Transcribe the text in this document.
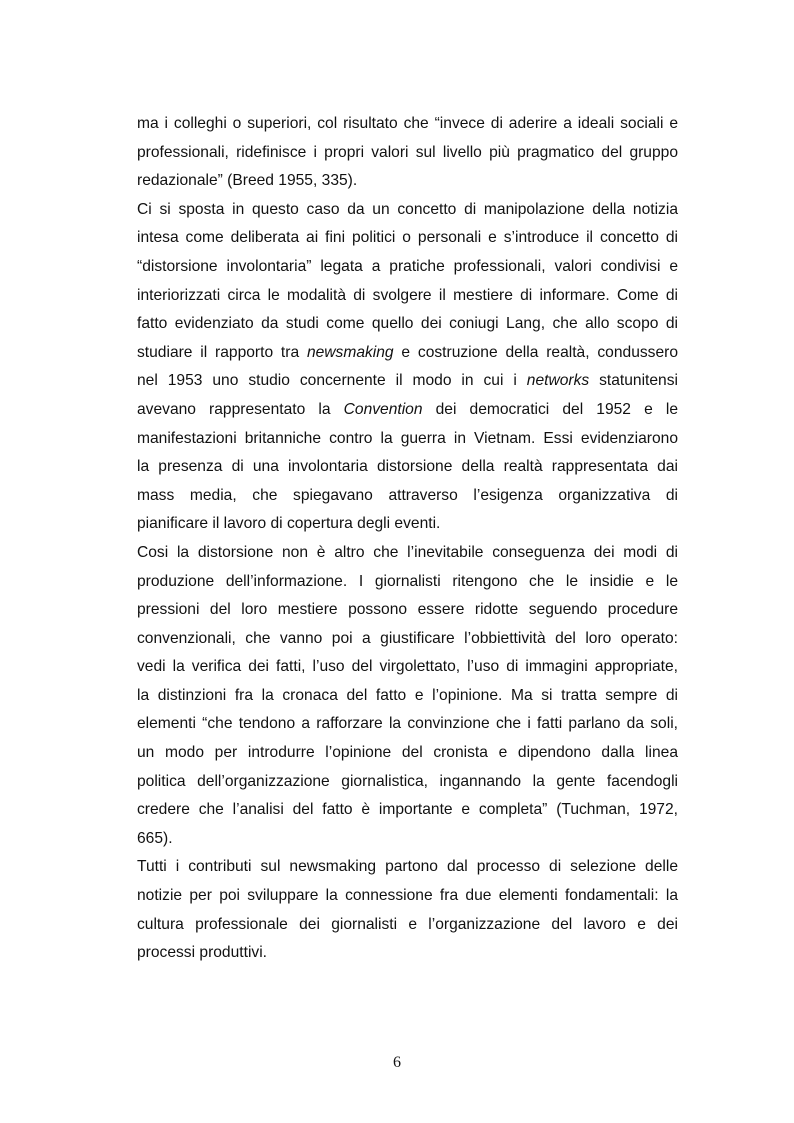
ma i colleghi o superiori, col risultato che “invece di aderire a ideali sociali e
professionali, ridefinisce i propri valori sul livello più pragmatico del gruppo
redazionale” (Breed 1955, 335).
Ci si sposta in questo caso da un concetto di manipolazione della notizia
intesa come deliberata ai fini politici o personali e s’introduce il concetto di
“distorsione involontaria” legata a pratiche professionali, valori condivisi e
interiorizzati circa le modalità di svolgere il mestiere di informare. Come di
fatto evidenziato da studi come quello dei coniugi Lang, che allo scopo di
studiare il rapporto tra newsmaking e costruzione della realtà, condussero
nel 1953 uno studio concernente il modo in cui i networks statunitensi
avevano rappresentato la Convention dei democratici del 1952 e le
manifestazioni britanniche contro la guerra in Vietnam. Essi evidenziarono
la presenza di una involontaria distorsione della realtà rappresentata dai
mass media, che spiegavano attraverso l’esigenza organizzativa di
pianificare il lavoro di copertura degli eventi.
Cosi la distorsione non è altro che l’inevitabile conseguenza dei modi di
produzione dell’informazione. I giornalisti ritengono che le insidie e le
pressioni del loro mestiere possono essere ridotte seguendo procedure
convenzionali, che vanno poi a giustificare l’obbiettività del loro operato:
vedi la verifica dei fatti, l’uso del virgolettato, l’uso di immagini appropriate,
la distinzioni fra la cronaca del fatto e l’opinione. Ma si tratta sempre di
elementi “che tendono a rafforzare la convinzione che i fatti parlano da soli,
un modo per introdurre l’opinione del cronista e dipendono dalla linea
politica dell’organizzazione giornalistica, ingannando la gente facendogli
credere che l’analisi del fatto è importante e completa” (Tuchman, 1972,
665).
Tutti i contributi sul newsmaking partono dal processo di selezione delle
notizie per poi sviluppare la connessione fra due elementi fondamentali: la
cultura professionale dei giornalisti e l’organizzazione del lavoro e dei
processi produttivi.
6
